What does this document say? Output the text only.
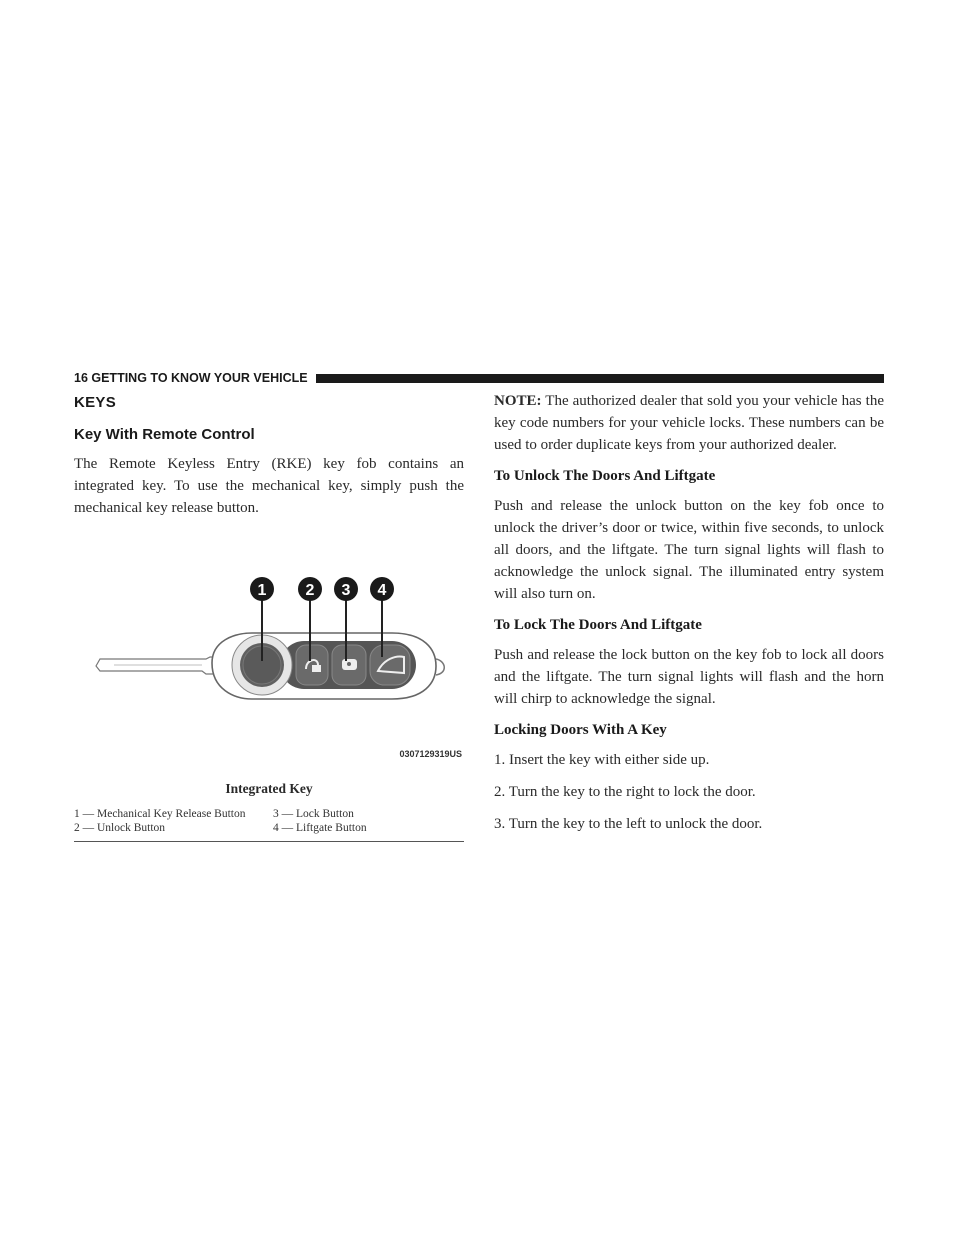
16 GETTING TO KNOW YOUR VEHICLE
KEYS
Key With Remote Control

The Remote Keyless Entry (RKE) key fob contains an integrated key. To use the mechanical key, simply push the mechanical key release button.

1 2 3 4
0307129319US
Integrated Key
1 — Mechanical Key Release Button	3 — Lock Button
2 — Unlock Button	4 — Liftgate Button

NOTE: The authorized dealer that sold you your vehicle has the key code numbers for your vehicle locks. These numbers can be used to order duplicate keys from your authorized dealer.

To Unlock The Doors And Liftgate

Push and release the unlock button on the key fob once to unlock the driver’s door or twice, within five seconds, to unlock all doors, and the liftgate. The turn signal lights will flash to acknowledge the unlock signal. The illuminated entry system will also turn on.

To Lock The Doors And Liftgate

Push and release the lock button on the key fob to lock all doors and the liftgate. The turn signal lights will flash and the horn will chirp to acknowledge the signal.

Locking Doors With A Key

1. Insert the key with either side up.

2. Turn the key to the right to lock the door.

3. Turn the key to the left to unlock the door.
